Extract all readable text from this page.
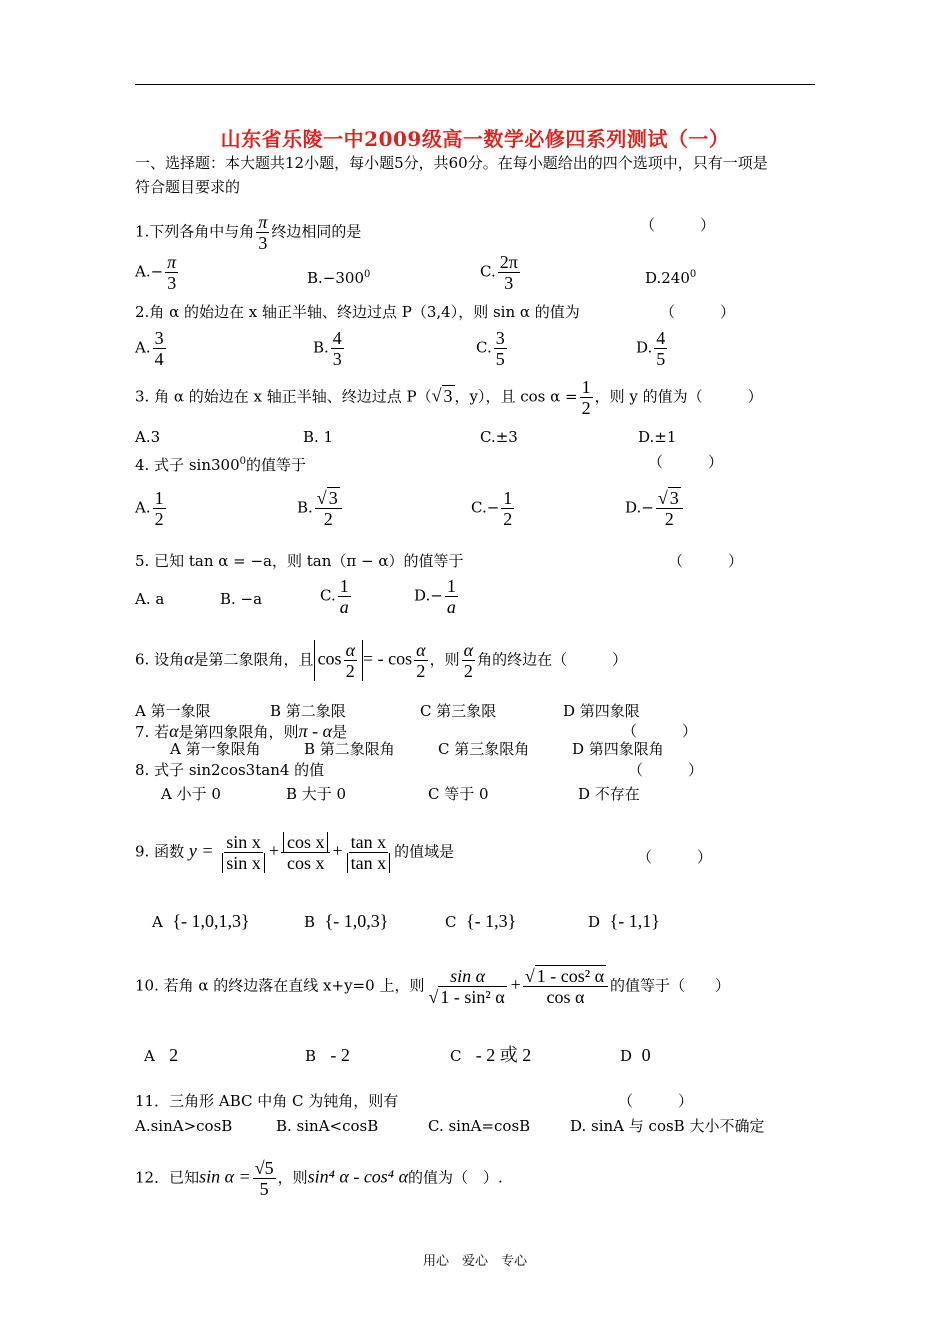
山东省乐陵一中2009级高一数学必修四系列测试（一）
一、选择题：本大题共12小题，每小题5分，共60分。在每小题给出的四个选项中，只有一项是
符合题目要求的
1.下列各角中与角 $\frac{\pi}{3}$ 终边相同的是	（　　　）
$A.- \frac{\pi}{3}$	$B.-300^0$	C. $\frac{2\pi}{3}$	D.240$^0$
2.角 α 的始边在 x 轴正半轴、终边过点 P（3,4），则 sin α 的值为	（　　　）
A. $\frac{3}{4}$	B. $\frac{4}{3}$	C. $\frac{3}{5}$	D. $\frac{4}{5}$
3. 角 α 的始边在 x 轴正半轴、终边过点 P（√ 3 ，y），且 $\cos \alpha = \frac{1}{2}$ ，则 y 的值为（　　　）
A.3	B. 1	C.±3	D.±1
4. 式子 $\sin 300^0$的值等于	（　　　）
A. $\frac{1}{2}$	B. $\frac{√ 3}{2}$	$C.- \frac{1}{2}$	$D.- \frac{√ 3}{2}$
5. 已知 tan α = −a，则 tan（π − α）的值等于	（　　　）
A. a	B. −a	C. $\frac{1}{a}$	$D.- \frac{1}{a}$
6. 设角α是第二象限角，且 $\cos \frac{\alpha}{2}$ = - $\cos \frac{\alpha}{2}$ ，则 $\frac{\alpha}{2}$ 角的终边在（　　　）
A 第一象限	B 第二象限	C 第三象限	D 第四象限
7. 若α是第四象限角，则π - α是	（　　　）
A 第一象限角	B 第二象限角	C 第三象限角	D 第四象限角
8. 式子 sin2cos3tan4 的值	（　　　）
A 小于 0	B 大于 0	C 等于 0	D 不存在
9. 函数 $y = \frac{\text{sin x}}{\text{sin x}} + \frac{\text{cos x}}{\text{cos x}} + \frac{\text{tan x}}{\text{tan x}}$ 的值域是	（　　　）
A {- 1,0,1,3}	B {- 1,0,3}	C {- 1,3}	D {- 1,1}
10. 若角 α 的终边落在直线 x+y=0 上，则 $\frac{\text{sin α}}{\text{√ 1 - sin² α}} + \frac{\text{√ 1 - cos² α}}{\text{cos α}}$ 的值等于（　　）
A 2	B - 2	C - 2 或 2	D 0
11．三角形 ABC 中角 C 为钝角，则有	（　　　）
A.sinA>cosB	B. sinA<cosB	C. sinA=cosB	D. sinA 与 cosB 大小不确定
12．已知$\sin \alpha = \frac{√5}{5}$ ，则sin⁴ α - cos⁴ α的值为（　）.
用心　爱心　专心
